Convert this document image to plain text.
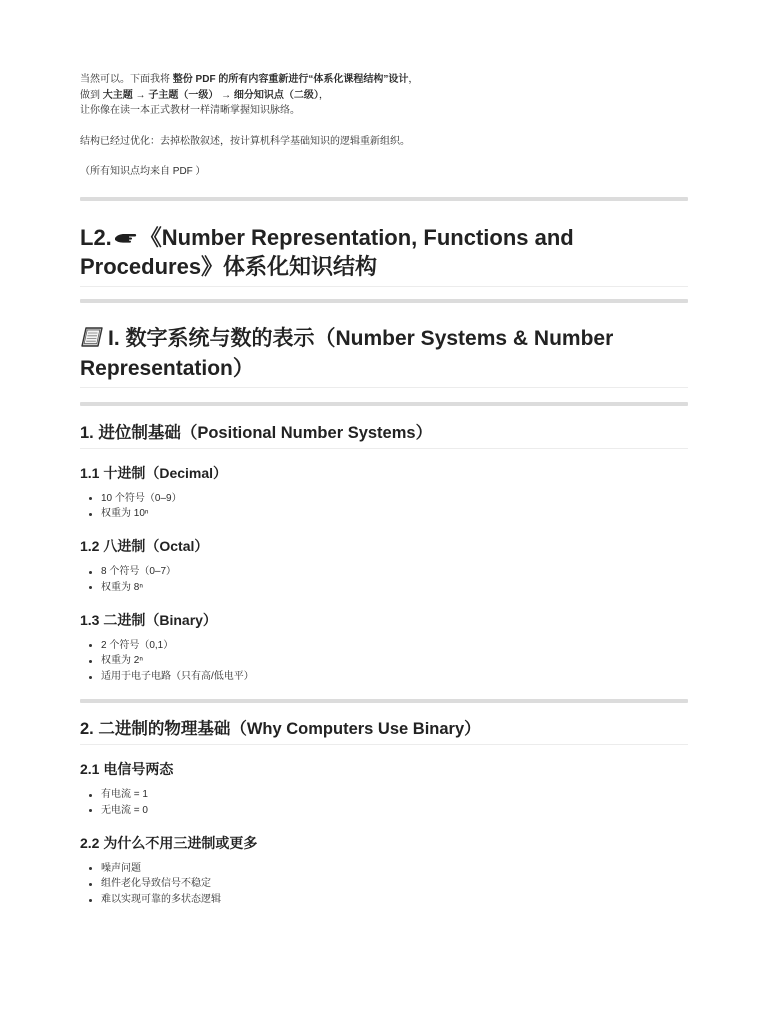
当然可以。下面我将 整份 PDF 的所有内容重新进行“体系化课程结构”设计，

做到 大主题 → 子主题（一级） → 细分知识点（二级），

让你像在读一本正式教材一样清晰掌握知识脉络。

结构已经过优化：去掉松散叙述，按计算机科学基础知识的逻辑重新组织。

（所有知识点均来自 PDF ）

L2. 《Number Representation, Functions and Procedures》体系化知识结构
I. 数字系统与数的表示（Number Systems & Number Representation）
1. 进位制基础（Positional Number Systems）
1.1 十进制（Decimal）
10 个符号（0–9）
权重为 10ⁿ
1.2 八进制（Octal）
8 个符号（0–7）
权重为 8ⁿ
1.3 二进制（Binary）
2 个符号（0,1）
权重为 2ⁿ
适用于电子电路（只有高/低电平）
2. 二进制的物理基础（Why Computers Use Binary）
2.1 电信号两态
有电流 = 1
无电流 = 0
2.2 为什么不用三进制或更多
噪声问题
组件老化导致信号不稳定
难以实现可靠的多状态逻辑
